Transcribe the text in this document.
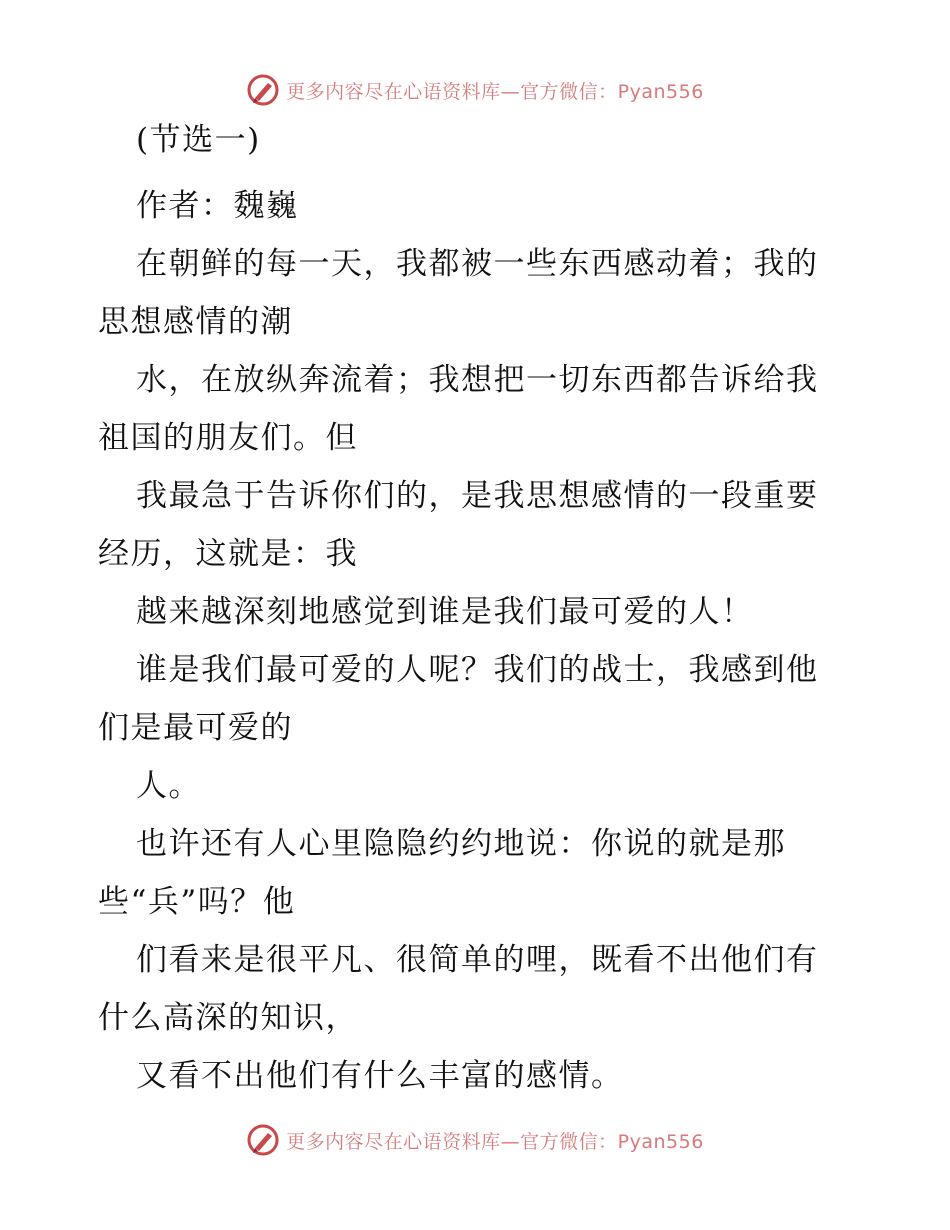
更多内容尽在心语资料库—官方微信：Pyan556
(节选一)
作者：魏巍
在朝鲜的每一天，我都被一些东西感动着；我的
思想感情的潮
水，在放纵奔流着；我想把一切东西都告诉给我
祖国的朋友们。但
我最急于告诉你们的，是我思想感情的一段重要
经历，这就是：我
越来越深刻地感觉到谁是我们最可爱的人！
谁是我们最可爱的人呢？我们的战士，我感到他
们是最可爱的
人。
也许还有人心里隐隐约约地说：你说的就是那
些“兵”吗？他
们看来是很平凡、很简单的哩，既看不出他们有
什么高深的知识，
又看不出他们有什么丰富的感情。
更多内容尽在心语资料库—官方微信：Pyan556
